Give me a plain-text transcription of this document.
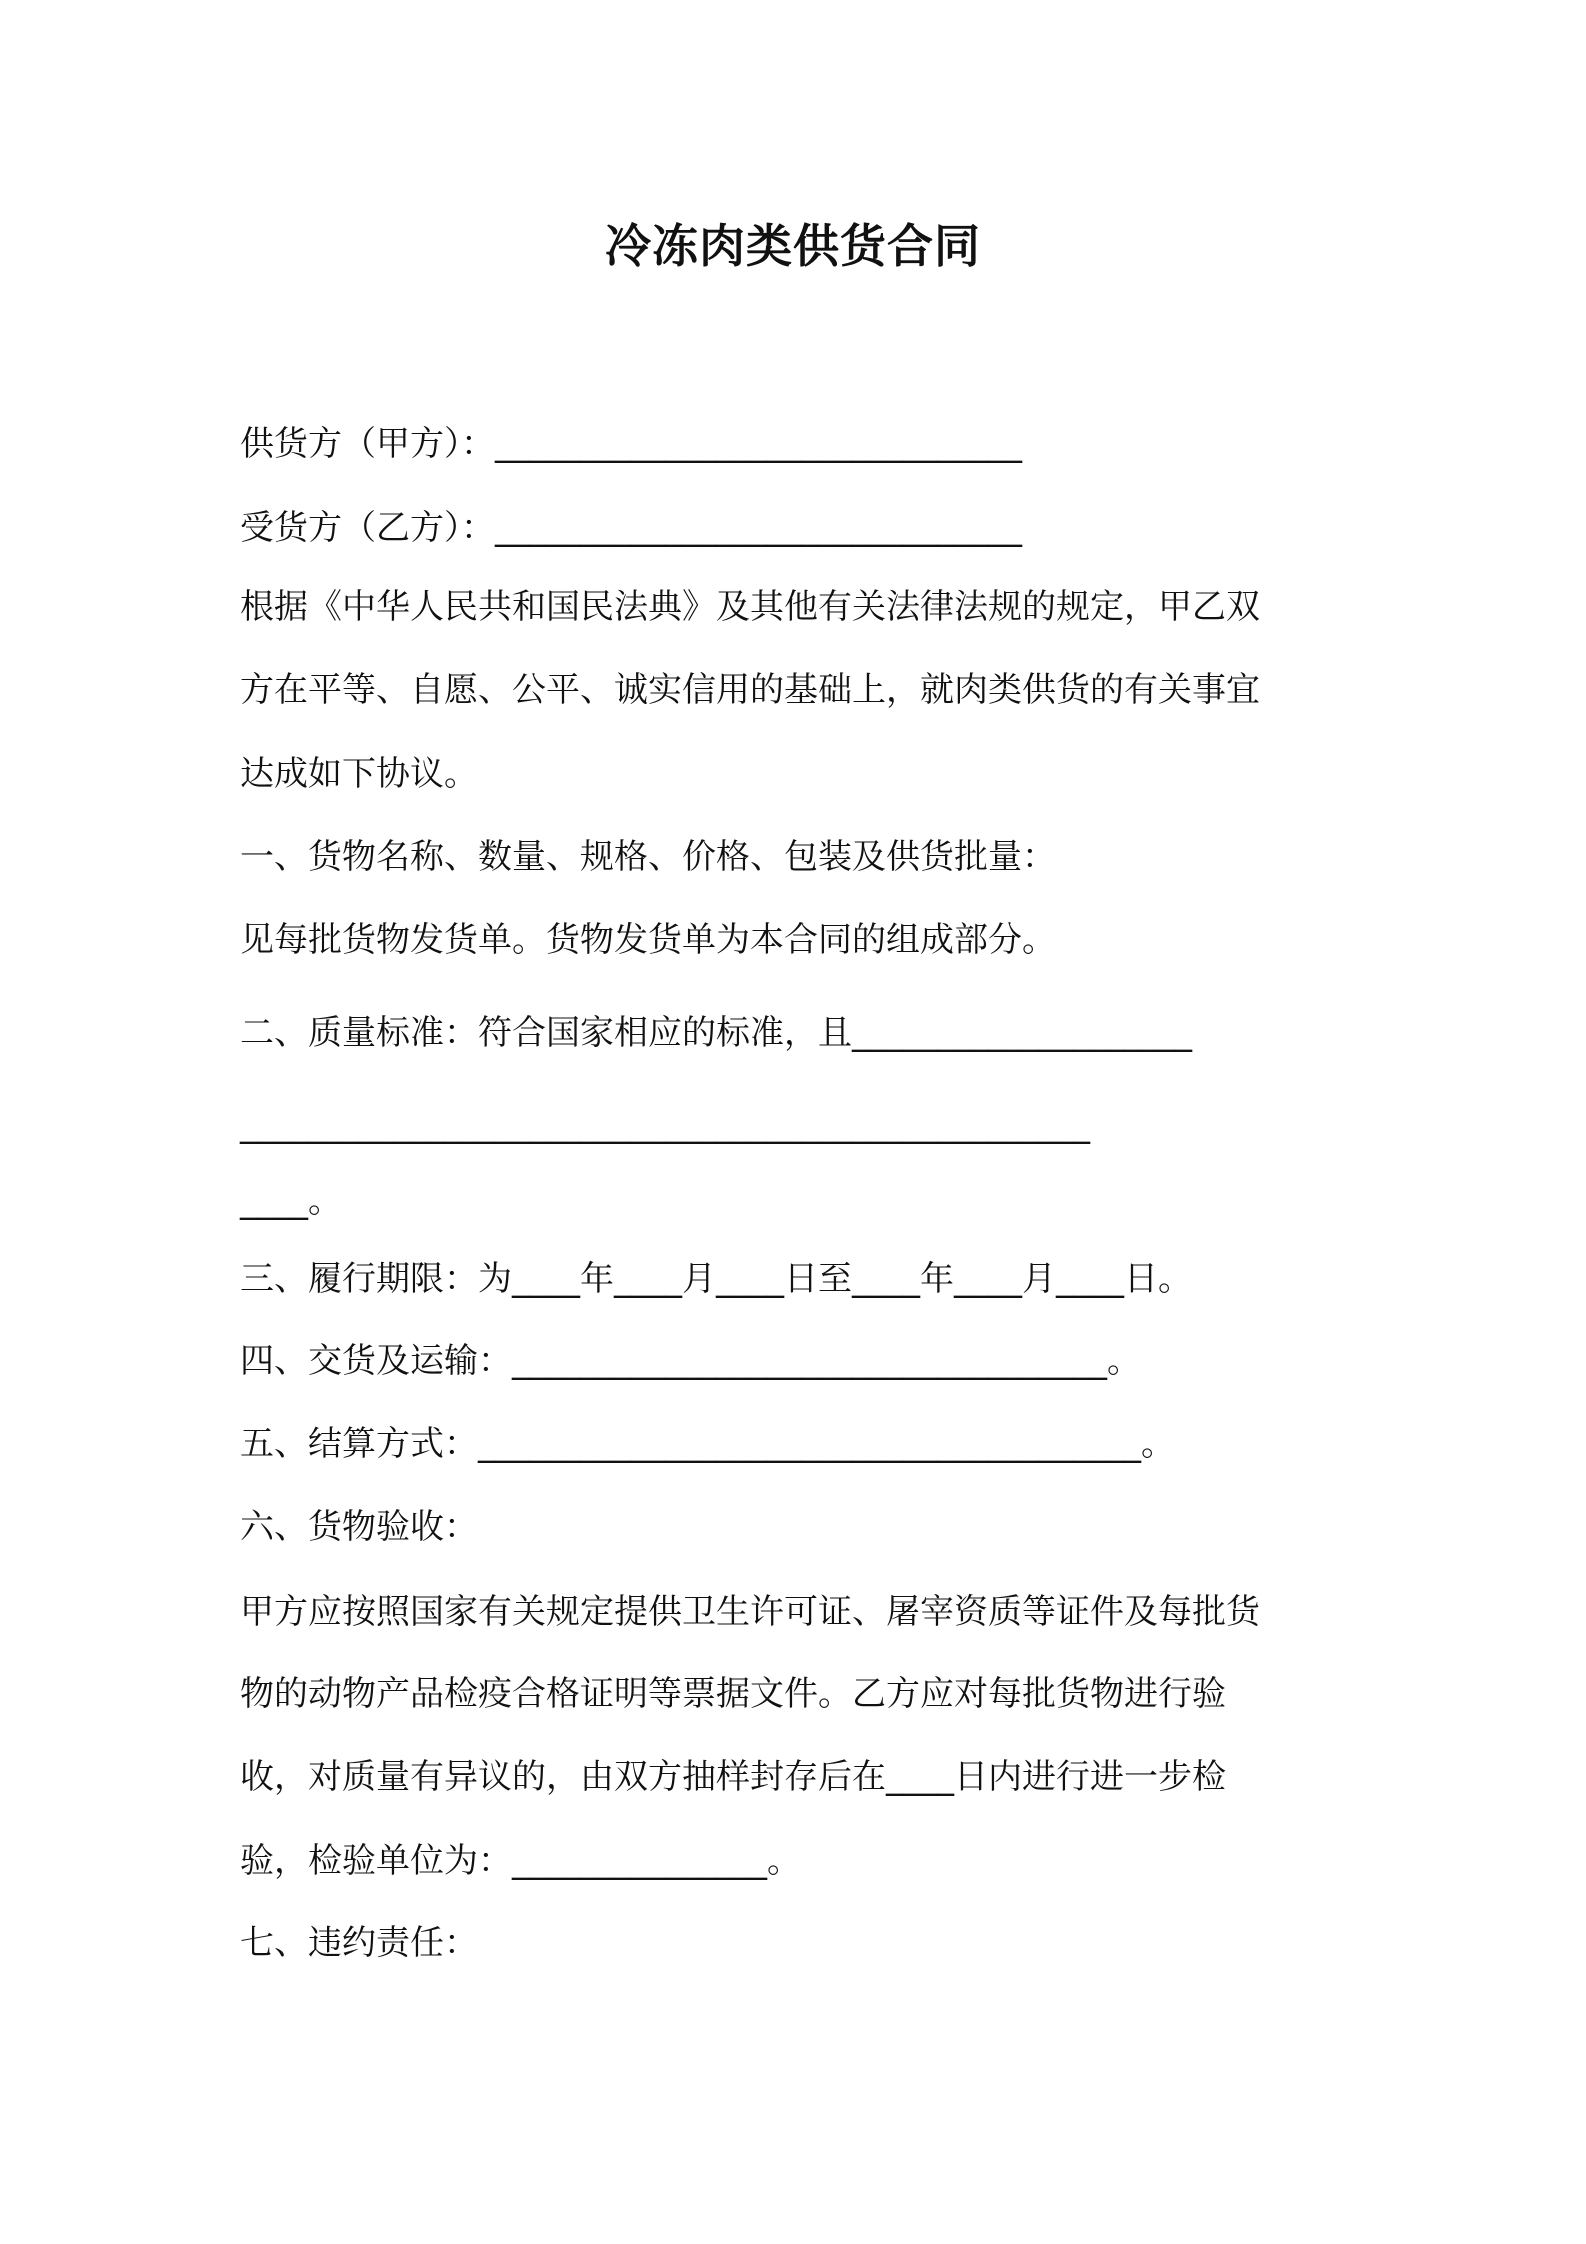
冷冻肉类供货合同

供货方（甲方）：_______________________________

受货方（乙方）：_______________________________

根据《中华人民共和国民法典》及其他有关法律法规的规定，甲乙双

方在平等、自愿、公平、诚实信用的基础上，就肉类供货的有关事宜

达成如下协议。

一、货物名称、数量、规格、价格、包装及供货批量：

见每批货物发货单。货物发货单为本合同的组成部分。

二、质量标准：符合国家相应的标准，且____________________

__________________________________________________

____。

三、履行期限：为____年____月____日至____年____月____日。

四、交货及运输：___________________________________。

五、结算方式：_______________________________________。

六、货物验收：

甲方应按照国家有关规定提供卫生许可证、屠宰资质等证件及每批货

物的动物产品检疫合格证明等票据文件。乙方应对每批货物进行验

收，对质量有异议的，由双方抽样封存后在____日内进行进一步检

验，检验单位为：_______________。

七、违约责任：
